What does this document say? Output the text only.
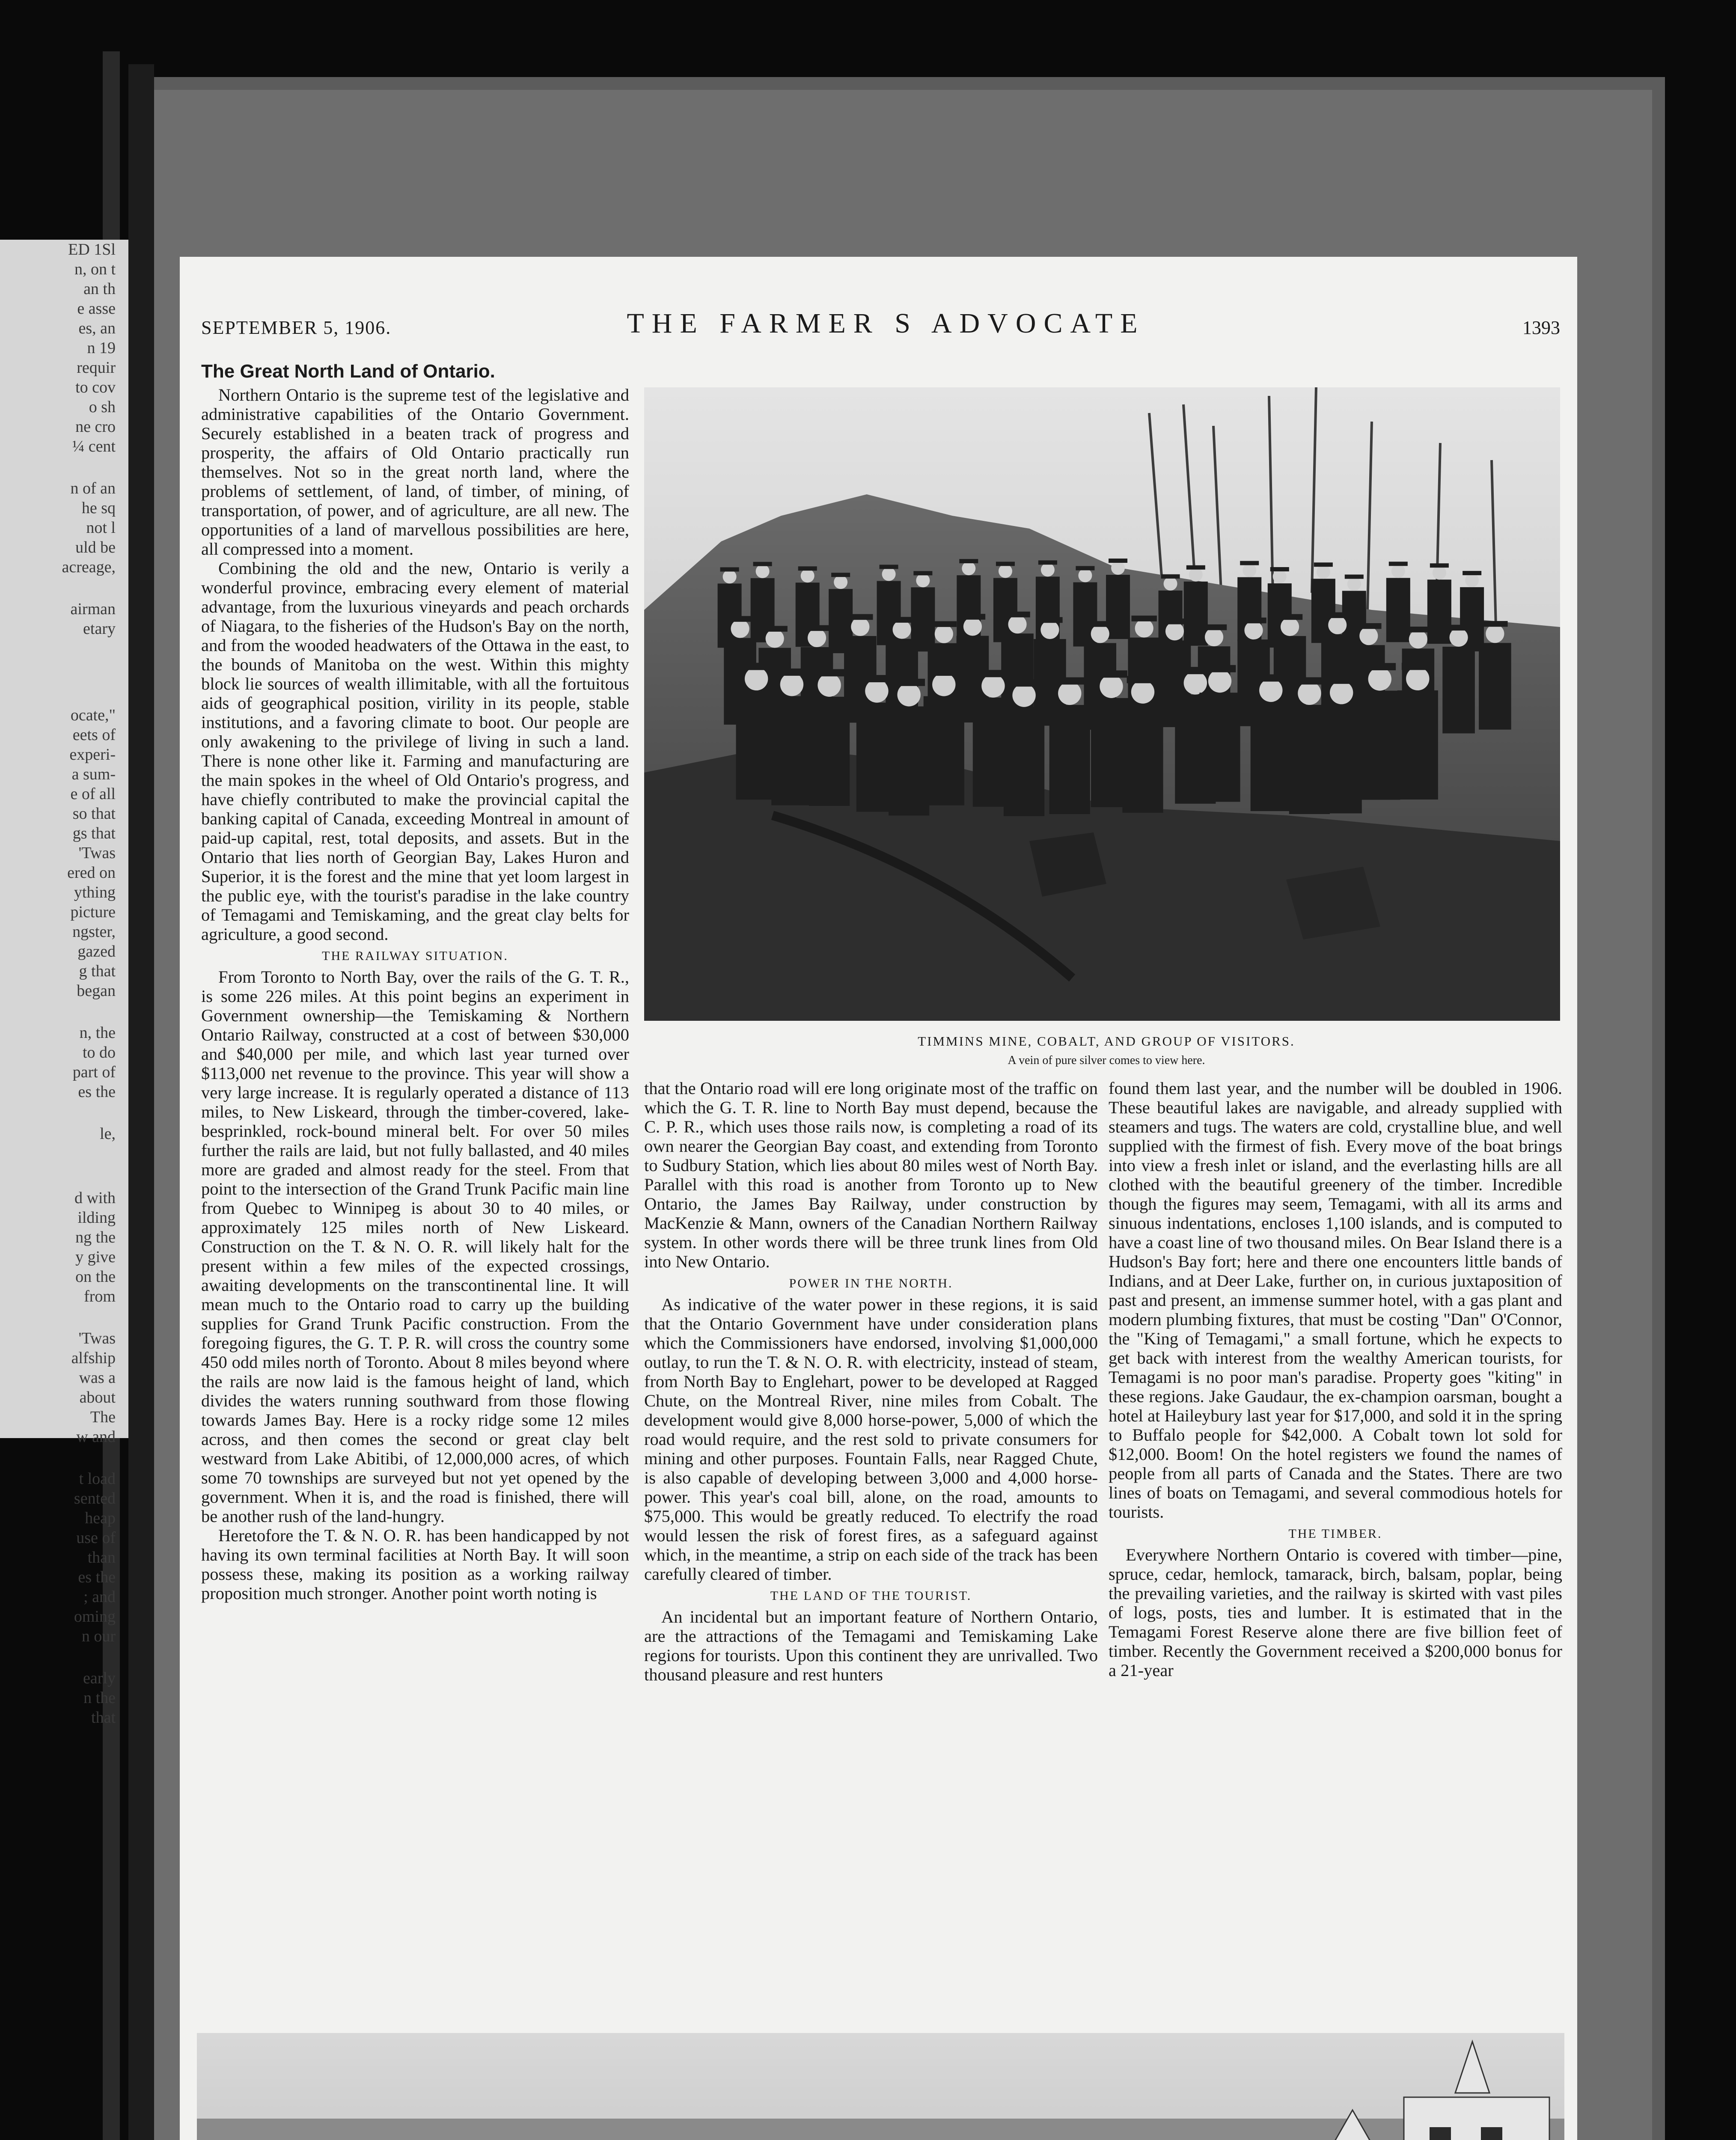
ED 1Sl
n, on t
an th
e asse
es, an
n 19
requir
to cov
o sh
ne cro
¼ cent
n of an
he sq
not l
uld be
acreage,
airman
etary
ocate,"
eets of
experi-
a sum-
e of all
so that
gs that
'Twas
ered on
ything
picture
ngster,
gazed
g that
began
n, the
to do
part of
es the
le,
d with
ilding
ng the
y give
on the
from
'Twas
alfship
was a
about
The
w and
t load
sented
heap
use of
than
es the
; and
oming
n our
early
n the
that
SEPTEMBER 5, 1906.	THE FARMER S ADVOCATE	1393
The Great North Land of Ontario.

Northern Ontario is the supreme test of the legislative and administrative capabilities of the Ontario Government. Securely established in a beaten track of progress and prosperity, the affairs of Old Ontario practically run themselves. Not so in the great north land, where the problems of settlement, of land, of timber, of mining, of transportation, of power, and of agriculture, are all new. The opportunities of a land of marvellous possibilities are here, all compressed into a moment.

Combining the old and the new, Ontario is verily a wonderful province, embracing every element of material advantage, from the luxurious vineyards and peach orchards of Niagara, to the fisheries of the Hudson's Bay on the north, and from the wooded headwaters of the Ottawa in the east, to the bounds of Manitoba on the west. Within this mighty block lie sources of wealth illimitable, with all the fortuitous aids of geographical position, virility in its people, stable institutions, and a favoring climate to boot. Our people are only awakening to the privilege of living in such a land. There is none other like it. Farming and manufacturing are the main spokes in the wheel of Old Ontario's progress, and have chiefly contributed to make the provincial capital the banking capital of Canada, exceeding Montreal in amount of paid-up capital, rest, total deposits, and assets. But in the Ontario that lies north of Georgian Bay, Lakes Huron and Superior, it is the forest and the mine that yet loom largest in the public eye, with the tourist's paradise in the lake country of Temagami and Temiskaming, and the great clay belts for agriculture, a good second.

THE RAILWAY SITUATION.

From Toronto to North Bay, over the rails of the G. T. R., is some 226 miles. At this point begins an experiment in Government ownership—the Temiskaming & Northern Ontario Railway, constructed at a cost of between $30,000 and $40,000 per mile, and which last year turned over $113,000 net revenue to the province. This year will show a very large increase. It is regularly operated a distance of 113 miles, to New Liskeard, through the timber-covered, lake-besprinkled, rock-bound mineral belt. For over 50 miles further the rails are laid, but not fully ballasted, and 40 miles more are graded and almost ready for the steel. From that point to the intersection of the Grand Trunk Pacific main line from Quebec to Winnipeg is about 30 to 40 miles, or approximately 125 miles north of New Liskeard. Construction on the T. & N. O. R. will likely halt for the present within a few miles of the expected crossings, awaiting developments on the transcontinental line. It will mean much to the Ontario road to carry up the building supplies for Grand Trunk Pacific construction. From the foregoing figures, the G. T. P. R. will cross the country some 450 odd miles north of Toronto. About 8 miles beyond where the rails are now laid is the famous height of land, which divides the waters running southward from those flowing towards James Bay. Here is a rocky ridge some 12 miles across, and then comes the second or great clay belt westward from Lake Abitibi, of 12,000,000 acres, of which some 70 townships are surveyed but not yet opened by the government. When it is, and the road is finished, there will be another rush of the land-hungry.

Heretofore the T. & N. O. R. has been handicapped by not having its own terminal facilities at North Bay. It will soon possess these, making its position as a working railway proposition much stronger. Another point worth noting is

TIMMINS MINE, COBALT, AND GROUP OF VISITORS.
A vein of pure silver comes to view here.

that the Ontario road will ere long originate most of the traffic on which the G. T. R. line to North Bay must depend, because the C. P. R., which uses those rails now, is completing a road of its own nearer the Georgian Bay coast, and extending from Toronto to Sudbury Station, which lies about 80 miles west of North Bay. Parallel with this road is another from Toronto up to New Ontario, the James Bay Railway, under construction by MacKenzie & Mann, owners of the Canadian Northern Railway system. In other words there will be three trunk lines from Old into New Ontario.

POWER IN THE NORTH.

As indicative of the water power in these regions, it is said that the Ontario Government have under consideration plans which the Commissioners have endorsed, involving $1,000,000 outlay, to run the T. & N. O. R. with electricity, instead of steam, from North Bay to Englehart, power to be developed at Ragged Chute, on the Montreal River, nine miles from Cobalt. The development would give 8,000 horse-power, 5,000 of which the road would require, and the rest sold to private consumers for mining and other purposes. Fountain Falls, near Ragged Chute, is also capable of developing between 3,000 and 4,000 horse-power. This year's coal bill, alone, on the road, amounts to $75,000. This would be greatly reduced. To electrify the road would lessen the risk of forest fires, as a safeguard against which, in the meantime, a strip on each side of the track has been carefully cleared of timber.

THE LAND OF THE TOURIST.

An incidental but an important feature of Northern Ontario, are the attractions of the Temagami and Temiskaming Lake regions for tourists. Upon this continent they are unrivalled. Two thousand pleasure and rest hunters

found them last year, and the number will be doubled in 1906. These beautiful lakes are navigable, and already supplied with steamers and tugs. The waters are cold, crystalline blue, and well supplied with the firmest of fish. Every move of the boat brings into view a fresh inlet or island, and the everlasting hills are all clothed with the beautiful greenery of the timber. Incredible though the figures may seem, Temagami, with all its arms and sinuous indentations, encloses 1,100 islands, and is computed to have a coast line of two thousand miles. On Bear Island there is a Hudson's Bay fort; here and there one encounters little bands of Indians, and at Deer Lake, further on, in curious juxtaposition of past and present, an immense summer hotel, with a gas plant and modern plumbing fixtures, that must be costing "Dan" O'Connor, the "King of Temagami," a small fortune, which he expects to get back with interest from the wealthy American tourists, for Temagami is no poor man's paradise. Property goes "kiting" in these regions. Jake Gaudaur, the ex-champion oarsman, bought a hotel at Haileybury last year for $17,000, and sold it in the spring to Buffalo people for $42,000. A Cobalt town lot sold for $12,000. Boom! On the hotel registers we found the names of people from all parts of Canada and the States. There are two lines of boats on Temagami, and several commodious hotels for tourists.

THE TIMBER.

Everywhere Northern Ontario is covered with timber—pine, spruce, cedar, hemlock, tamarack, birch, balsam, poplar, being the prevailing varieties, and the railway is skirted with vast piles of logs, posts, ties and lumber. It is estimated that in the Temagami Forest Reserve alone there are five billion feet of timber. Recently the Government received a $200,000 bonus for a 21-year
